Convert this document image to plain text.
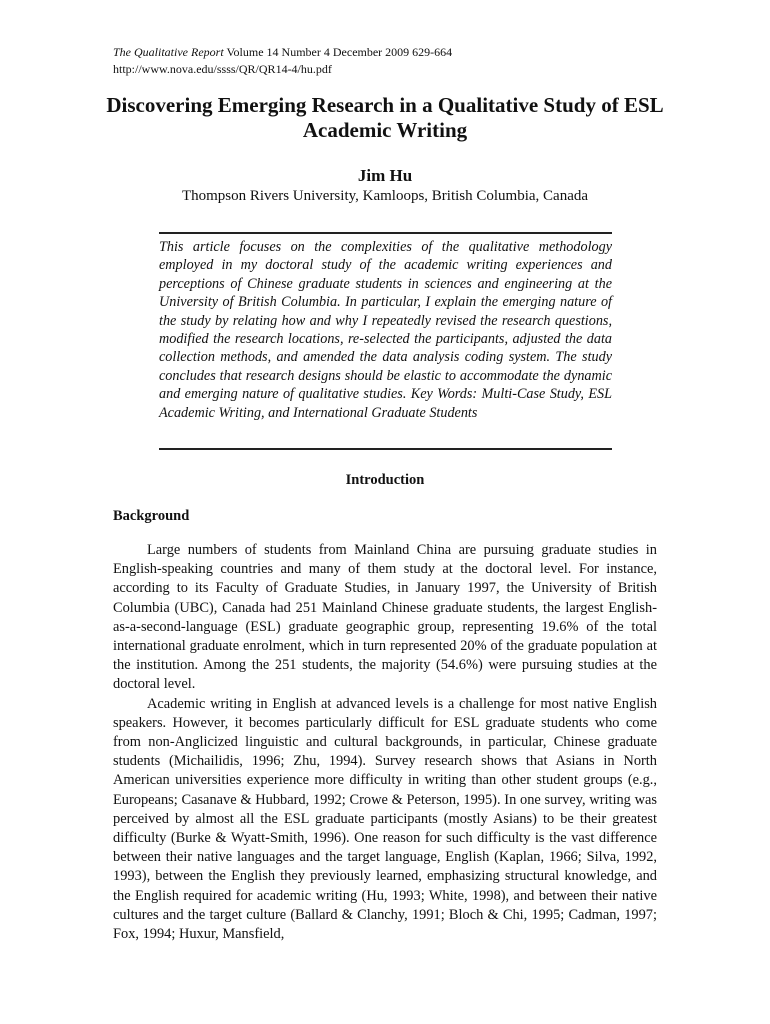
The Qualitative Report Volume 14 Number 4 December 2009 629-664
http://www.nova.edu/ssss/QR/QR14-4/hu.pdf
Discovering Emerging Research in a Qualitative Study of ESL Academic Writing
Jim Hu
Thompson Rivers University, Kamloops, British Columbia, Canada

This article focuses on the complexities of the qualitative methodology employed in my doctoral study of the academic writing experiences and perceptions of Chinese graduate students in sciences and engineering at the University of British Columbia. In particular, I explain the emerging nature of the study by relating how and why I repeatedly revised the research questions, modified the research locations, re-selected the participants, adjusted the data collection methods, and amended the data analysis coding system. The study concludes that research designs should be elastic to accommodate the dynamic and emerging nature of qualitative studies. Key Words: Multi-Case Study, ESL Academic Writing, and International Graduate Students

Introduction
Background

Large numbers of students from Mainland China are pursuing graduate studies in English-speaking countries and many of them study at the doctoral level. For instance, according to its Faculty of Graduate Studies, in January 1997, the University of British Columbia (UBC), Canada had 251 Mainland Chinese graduate students, the largest English-as-a-second-language (ESL) graduate geographic group, representing 19.6% of the total international graduate enrolment, which in turn represented 20% of the graduate population at the institution. Among the 251 students, the majority (54.6%) were pursuing studies at the doctoral level.

Academic writing in English at advanced levels is a challenge for most native English speakers. However, it becomes particularly difficult for ESL graduate students who come from non-Anglicized linguistic and cultural backgrounds, in particular, Chinese graduate students (Michailidis, 1996; Zhu, 1994). Survey research shows that Asians in North American universities experience more difficulty in writing than other student groups (e.g., Europeans; Casanave & Hubbard, 1992; Crowe & Peterson, 1995). In one survey, writing was perceived by almost all the ESL graduate participants (mostly Asians) to be their greatest difficulty (Burke & Wyatt-Smith, 1996). One reason for such difficulty is the vast difference between their native languages and the target language, English (Kaplan, 1966; Silva, 1992, 1993), between the English they previously learned, emphasizing structural knowledge, and the English required for academic writing (Hu, 1993; White, 1998), and between their native cultures and the target culture (Ballard & Clanchy, 1991; Bloch & Chi, 1995; Cadman, 1997; Fox, 1994; Huxur, Mansfield,
